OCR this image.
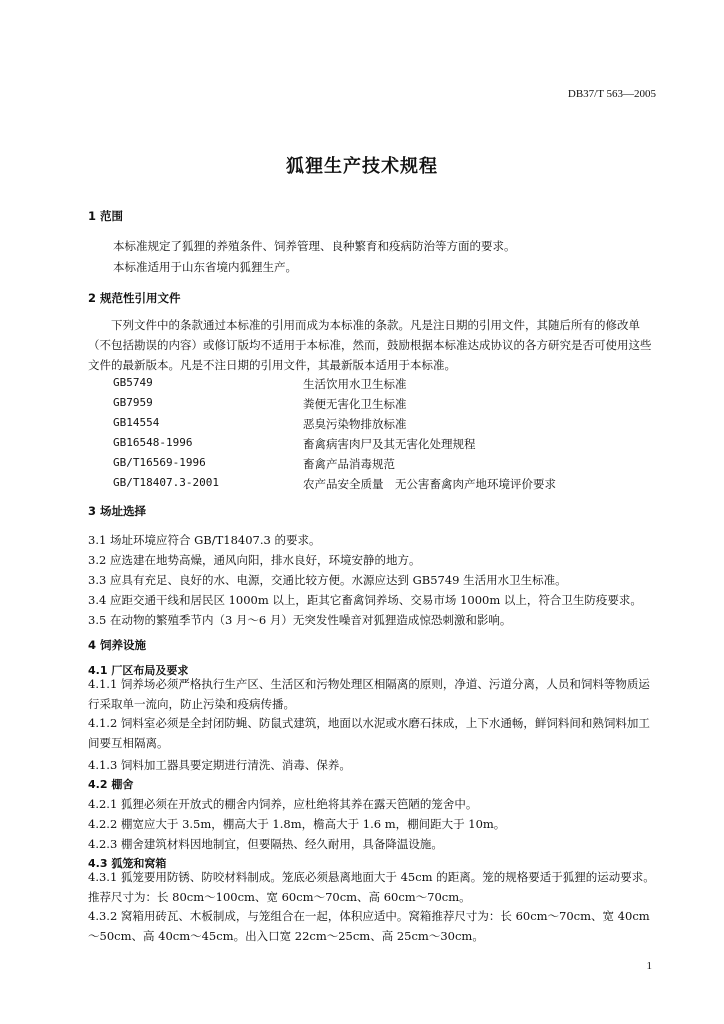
DB37/T 563—2005
狐狸生产技术规程
1 范围
本标准规定了狐狸的养殖条件、饲养管理、良种繁育和疫病防治等方面的要求。
本标准适用于山东省境内狐狸生产。
2 规范性引用文件
下列文件中的条款通过本标准的引用而成为本标准的条款。凡是注日期的引用文件，其随后所有的修改单（不包括勘误的内容）或修订版均不适用于本标准，然而，鼓励根据本标准达成协议的各方研究是否可使用这些文件的最新版本。凡是不注日期的引用文件，其最新版本适用于本标准。
GB5749	生活饮用水卫生标准
GB7959	粪便无害化卫生标准
GB14554	恶臭污染物排放标准
GB16548-1996	畜禽病害肉尸及其无害化处理规程
GB/T16569-1996	畜禽产品消毒规范
GB/T18407.3-2001	农产品安全质量　无公害畜禽肉产地环境评价要求
3 场址选择
3.1 场址环境应符合 GB/T18407.3 的要求。
3.2 应选建在地势高燥，通风向阳，排水良好，环境安静的地方。
3.3 应具有充足、良好的水、电源，交通比较方便。水源应达到 GB5749 生活用水卫生标准。
3.4 应距交通干线和居民区 1000m 以上，距其它畜禽饲养场、交易市场 1000m 以上，符合卫生防疫要求。
3.5 在动物的繁殖季节内（3 月～6 月）无突发性噪音对狐狸造成惊恐刺激和影响。
4 饲养设施
4.1 厂区布局及要求
4.1.1 饲养场必须严格执行生产区、生活区和污物处理区相隔离的原则，净道、污道分离，人员和饲料等物质运行采取单一流向，防止污染和疫病传播。
4.1.2 饲料室必须是全封闭防蝇、防鼠式建筑，地面以水泥或水磨石抹成，上下水通畅，鲜饲料间和熟饲料加工间要互相隔离。
4.1.3 饲料加工器具要定期进行清洗、消毒、保养。
4.2 棚舍
4.2.1 狐狸必须在开放式的棚舍内饲养，应杜绝将其养在露天笆陋的笼舍中。
4.2.2 棚宽应大于 3.5m，棚高大于 1.8m，檐高大于 1.6 m，棚间距大于 10m。
4.2.3 棚舍建筑材料因地制宜，但要隔热、经久耐用，具备降温设施。
4.3 狐笼和窝箱
4.3.1 狐笼要用防锈、防咬材料制成。笼底必须悬离地面大于 45cm 的距离。笼的规格要适于狐狸的运动要求。推荐尺寸为：长 80cm～100cm、宽 60cm～70cm、高 60cm～70cm。
4.3.2 窝箱用砖瓦、木板制成，与笼组合在一起，体积应适中。窝箱推荐尺寸为：长 60cm～70cm、宽 40cm～50cm、高 40cm～45cm。出入口宽 22cm～25cm、高 25cm～30cm。
1
